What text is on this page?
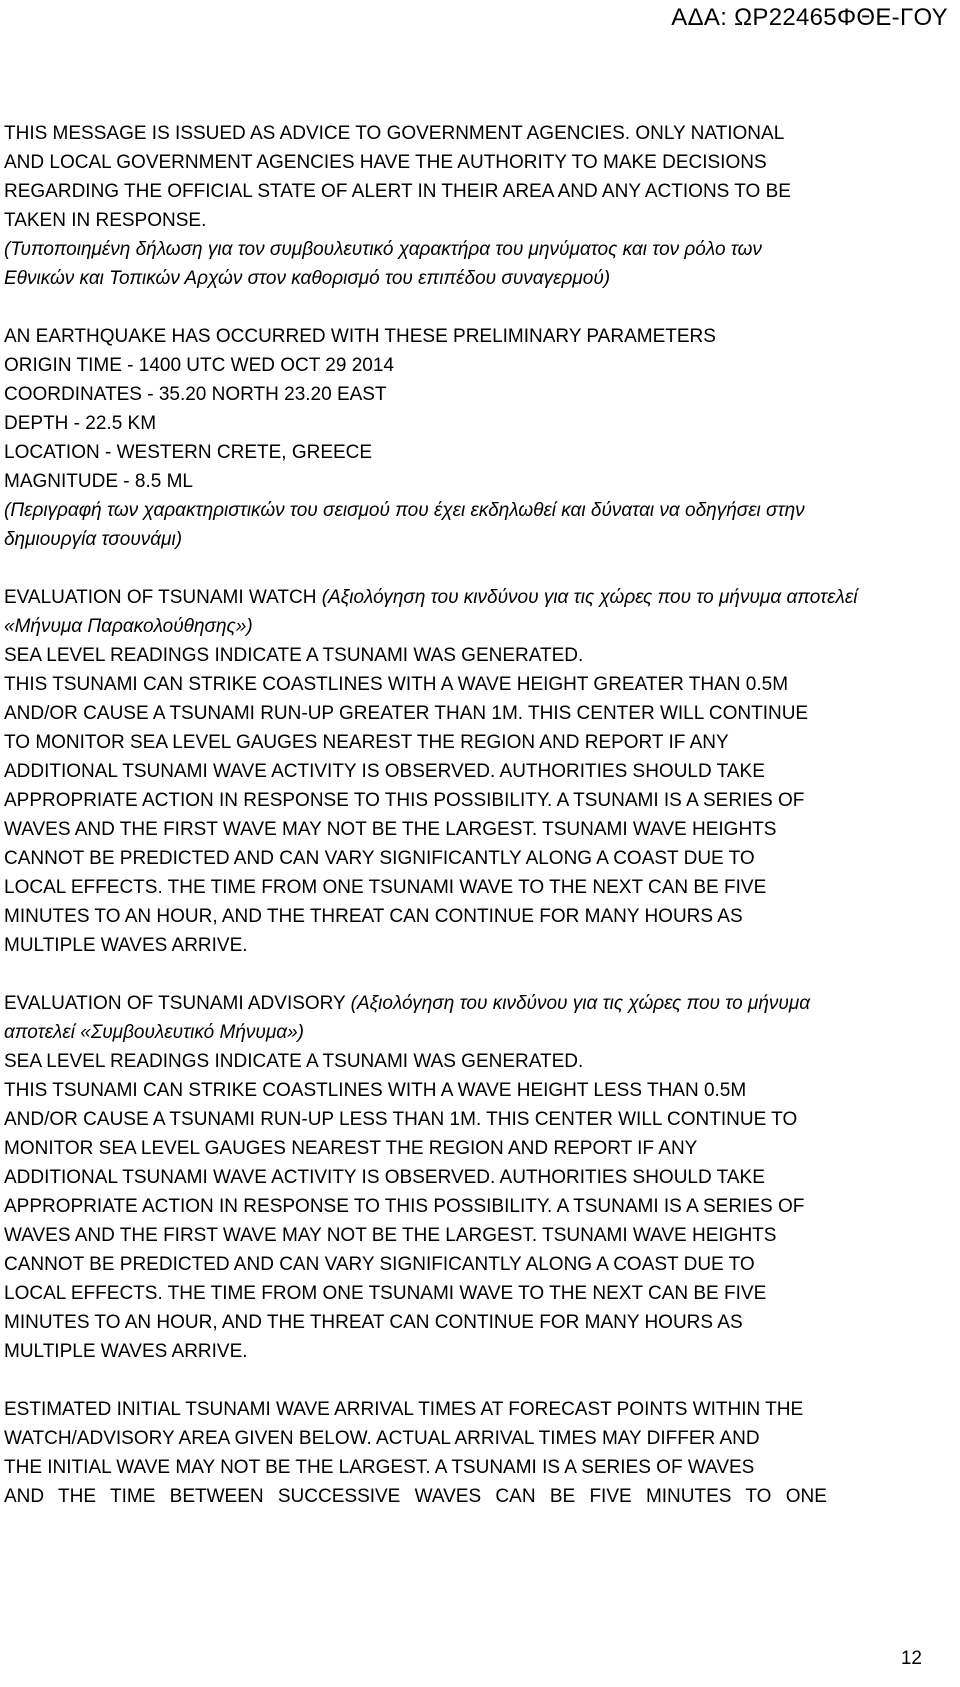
ΑΔΑ: ΩΡ22465ΦΘΕ-ΓΟΥ
THIS MESSAGE IS ISSUED AS ADVICE TO GOVERNMENT AGENCIES. ONLY NATIONAL
AND LOCAL GOVERNMENT AGENCIES HAVE THE AUTHORITY TO MAKE DECISIONS
REGARDING THE OFFICIAL STATE OF ALERT IN THEIR AREA AND ANY ACTIONS TO BE
TAKEN IN RESPONSE.
(Τυποποιημένη δήλωση για τον συμβουλευτικό χαρακτήρα του μηνύματος και τον ρόλο των
Εθνικών και Τοπικών Αρχών στον καθορισμό του επιπέδου συναγερμού)
AN EARTHQUAKE HAS OCCURRED WITH THESE PRELIMINARY PARAMETERS
ORIGIN TIME - 1400 UTC WED OCT 29 2014
COORDINATES - 35.20 NORTH 23.20 EAST
DEPTH - 22.5 KM
LOCATION - WESTERN CRETE, GREECE
MAGNITUDE - 8.5 ML
(Περιγραφή των χαρακτηριστικών του σεισμού που έχει εκδηλωθεί και δύναται να οδηγήσει στην
δημιουργία τσουνάμι)
EVALUATION OF TSUNAMI WATCH (Αξιολόγηση του κινδύνου για τις χώρες που το μήνυμα αποτελεί
«Μήνυμα Παρακολούθησης»)
SEA LEVEL READINGS INDICATE A TSUNAMI WAS GENERATED.
THIS TSUNAMI CAN STRIKE COASTLINES WITH A WAVE HEIGHT GREATER THAN 0.5M
AND/OR CAUSE A TSUNAMI RUN-UP GREATER THAN 1M. THIS CENTER WILL CONTINUE
TO MONITOR SEA LEVEL GAUGES NEAREST THE REGION AND REPORT IF ANY
ADDITIONAL TSUNAMI WAVE ACTIVITY IS OBSERVED. AUTHORITIES SHOULD TAKE
APPROPRIATE ACTION IN RESPONSE TO THIS POSSIBILITY. A TSUNAMI IS A SERIES OF
WAVES AND THE FIRST WAVE MAY NOT BE THE LARGEST. TSUNAMI WAVE HEIGHTS
CANNOT BE PREDICTED AND CAN VARY SIGNIFICANTLY ALONG A COAST DUE TO
LOCAL EFFECTS. THE TIME FROM ONE TSUNAMI WAVE TO THE NEXT CAN BE FIVE
MINUTES TO AN HOUR, AND THE THREAT CAN CONTINUE FOR MANY HOURS AS
MULTIPLE WAVES ARRIVE.
EVALUATION OF TSUNAMI ADVISORY (Αξιολόγηση του κινδύνου για τις χώρες που το μήνυμα
αποτελεί «Συμβουλευτικό Μήνυμα»)
SEA LEVEL READINGS INDICATE A TSUNAMI WAS GENERATED.
THIS TSUNAMI CAN STRIKE COASTLINES WITH A WAVE HEIGHT LESS THAN 0.5M
AND/OR CAUSE A TSUNAMI RUN-UP LESS THAN 1M. THIS CENTER WILL CONTINUE TO
MONITOR SEA LEVEL GAUGES NEAREST THE REGION AND REPORT IF ANY
ADDITIONAL TSUNAMI WAVE ACTIVITY IS OBSERVED. AUTHORITIES SHOULD TAKE
APPROPRIATE ACTION IN RESPONSE TO THIS POSSIBILITY. A TSUNAMI IS A SERIES OF
WAVES AND THE FIRST WAVE MAY NOT BE THE LARGEST. TSUNAMI WAVE HEIGHTS
CANNOT BE PREDICTED AND CAN VARY SIGNIFICANTLY ALONG A COAST DUE TO
LOCAL EFFECTS. THE TIME FROM ONE TSUNAMI WAVE TO THE NEXT CAN BE FIVE
MINUTES TO AN HOUR, AND THE THREAT CAN CONTINUE FOR MANY HOURS AS
MULTIPLE WAVES ARRIVE.
ESTIMATED INITIAL TSUNAMI WAVE ARRIVAL TIMES AT FORECAST POINTS WITHIN THE
WATCH/ADVISORY AREA GIVEN BELOW. ACTUAL ARRIVAL TIMES MAY DIFFER AND
THE INITIAL WAVE MAY NOT BE THE LARGEST. A TSUNAMI IS A SERIES OF WAVES
AND THE TIME BETWEEN SUCCESSIVE WAVES CAN BE FIVE MINUTES TO ONE
12
